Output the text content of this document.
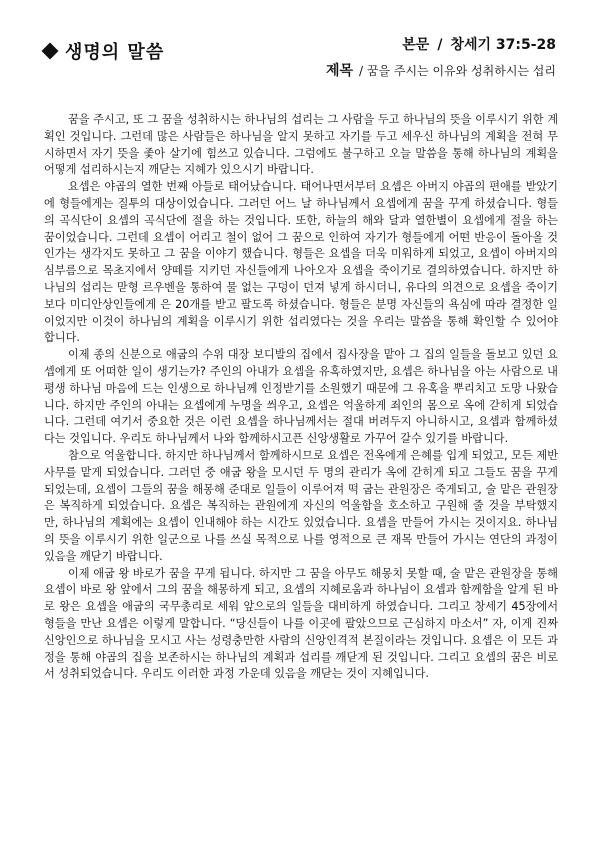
생명의 말씀	본문 / 창세기 37:5-28
제목 / 꿈을 주시는 이유와 성취하시는 섭리

꿈을 주시고, 또 그 꿈을 성취하시는 하나님의 섭리는 그 사람을 두고 하나님의 뜻을 이루시기 위한 계획인 것입니다. 그런데 많은 사람들은 하나님을 알지 못하고 자기를 두고 세우신 하나님의 계획을 전혀 무시하면서 자기 뜻을 좇아 살기에 힘쓰고 있습니다. 그럼에도 불구하고 오늘 말씀을 통해 하나님의 계획을 어떻게 섭리하시는지 깨닫는 지혜가 있으시기 바랍니다.

요셉은 야곱의 열한 번째 아들로 태어났습니다. 태어나면서부터 요셉은 아버지 야곱의 편애를 받았기에 형들에게는 질투의 대상이었습니다. 그러던 어느 날 하나님께서 요셉에게 꿈을 꾸게 하셨습니다. 형들의 곡식단이 요셉의 곡식단에 절을 하는 것입니다. 또한, 하늘의 해와 달과 열한별이 요셉에게 절을 하는 꿈이었습니다. 그런데 요셉이 어리고 철이 없어 그 꿈으로 인하여 자기가 형들에게 어떤 반응이 돌아올 것인가는 생각지도 못하고 그 꿈을 이야기 했습니다. 형들은 요셉을 더욱 미워하게 되었고, 요셉이 아버지의 심부름으로 목초지에서 양떼를 지키던 자신들에게 나아오자 요셉을 죽이기로 결의하였습니다. 하지만 하나님의 섭리는 맏형 르우벤을 통하여 물 없는 구덩이 던져 넣게 하시더니, 유다의 의견으로 요셉을 죽이기보다 미디안상인들에게 은 20개를 받고 팔도록 하셨습니다. 형들은 분명 자신들의 욕심에 따라 결정한 일이었지만 이것이 하나님의 계획을 이루시기 위한 섭리였다는 것을 우리는 말씀을 통해 확인할 수 있어야 합니다.

이제 종의 신분으로 애굽의 수위 대장 보디발의 집에서 집사장을 맡아 그 집의 일들을 돌보고 있던 요셉에게 또 어떠한 일이 생기는가? 주인의 아내가 요셉을 유혹하였지만, 요셉은 하나님을 아는 사람으로 내 평생 하나님 마음에 드는 인생으로 하나님께 인정받기를 소원했기 때문에 그 유혹을 뿌리치고 도망 나왔습니다. 하지만 주인의 아내는 요셉에게 누명을 씌우고, 요셉은 억울하게 죄인의 몸으로 옥에 갇히게 되었습니다. 그런데 여기서 중요한 것은 이런 요셉을 하나님께서는 절대 버려두지 아니하시고, 요셉과 함께하셨다는 것입니다. 우리도 하나님께서 나와 함께하시고픈 신앙생활로 가꾸어 갈수 있기를 바랍니다.

참으로 억울합니다. 하지만 하나님께서 함께하시므로 요셉은 전옥에게 은혜를 입게 되었고, 모든 제반 사무를 맡게 되었습니다. 그러던 중 애굽 왕을 모시던 두 명의 관리가 옥에 갇히게 되고 그들도 꿈을 꾸게 되었는데, 요셉이 그들의 꿈을 해몽해 준대로 일들이 이루어져 떡 굽는 관원장은 죽게되고, 술 맡은 관원장은 복직하게 되었습니다. 요셉은 복직하는 관원에게 자신의 억울함을 호소하고 구원해 줄 것을 부탁했지만, 하나님의 계획에는 요셉이 인내해야 하는 시간도 있었습니다. 요셉을 만들어 가시는 것이지요. 하나님의 뜻을 이루시기 위한 일군으로 나를 쓰실 목적으로 나를 영적으로 큰 재목 만들어 가시는 연단의 과정이 있음을 깨닫기 바랍니다.

이제 애굽 왕 바로가 꿈을 꾸게 됩니다. 하지만 그 꿈을 아무도 해몽치 못할 때, 술 맡은 관원장을 통해 요셉이 바로 왕 앞에서 그의 꿈을 해몽하게 되고, 요셉의 지혜로움과 하나님이 요셉과 함께함을 알게 된 바로 왕은 요셉을 애굽의 국무총리로 세워 앞으로의 일들을 대비하게 하였습니다. 그리고 창세기 45장에서 형들을 만난 요셉은 이렇게 말합니다. “당신들이 나를 이곳에 팔았으므로 근심하지 마소서” 자, 이게 진짜 신앙인으로 하나님을 모시고 사는 성령충만한 사람의 신앙인격적 본질이라는 것입니다. 요셉은 이 모든 과정을 통해 야곱의 집을 보존하시는 하나님의 계획과 섭리를 깨닫게 된 것입니다. 그리고 요셉의 꿈은 비로서 성취되었습니다. 우리도 이러한 과정 가운데 있음을 깨닫는 것이 지혜입니다.
